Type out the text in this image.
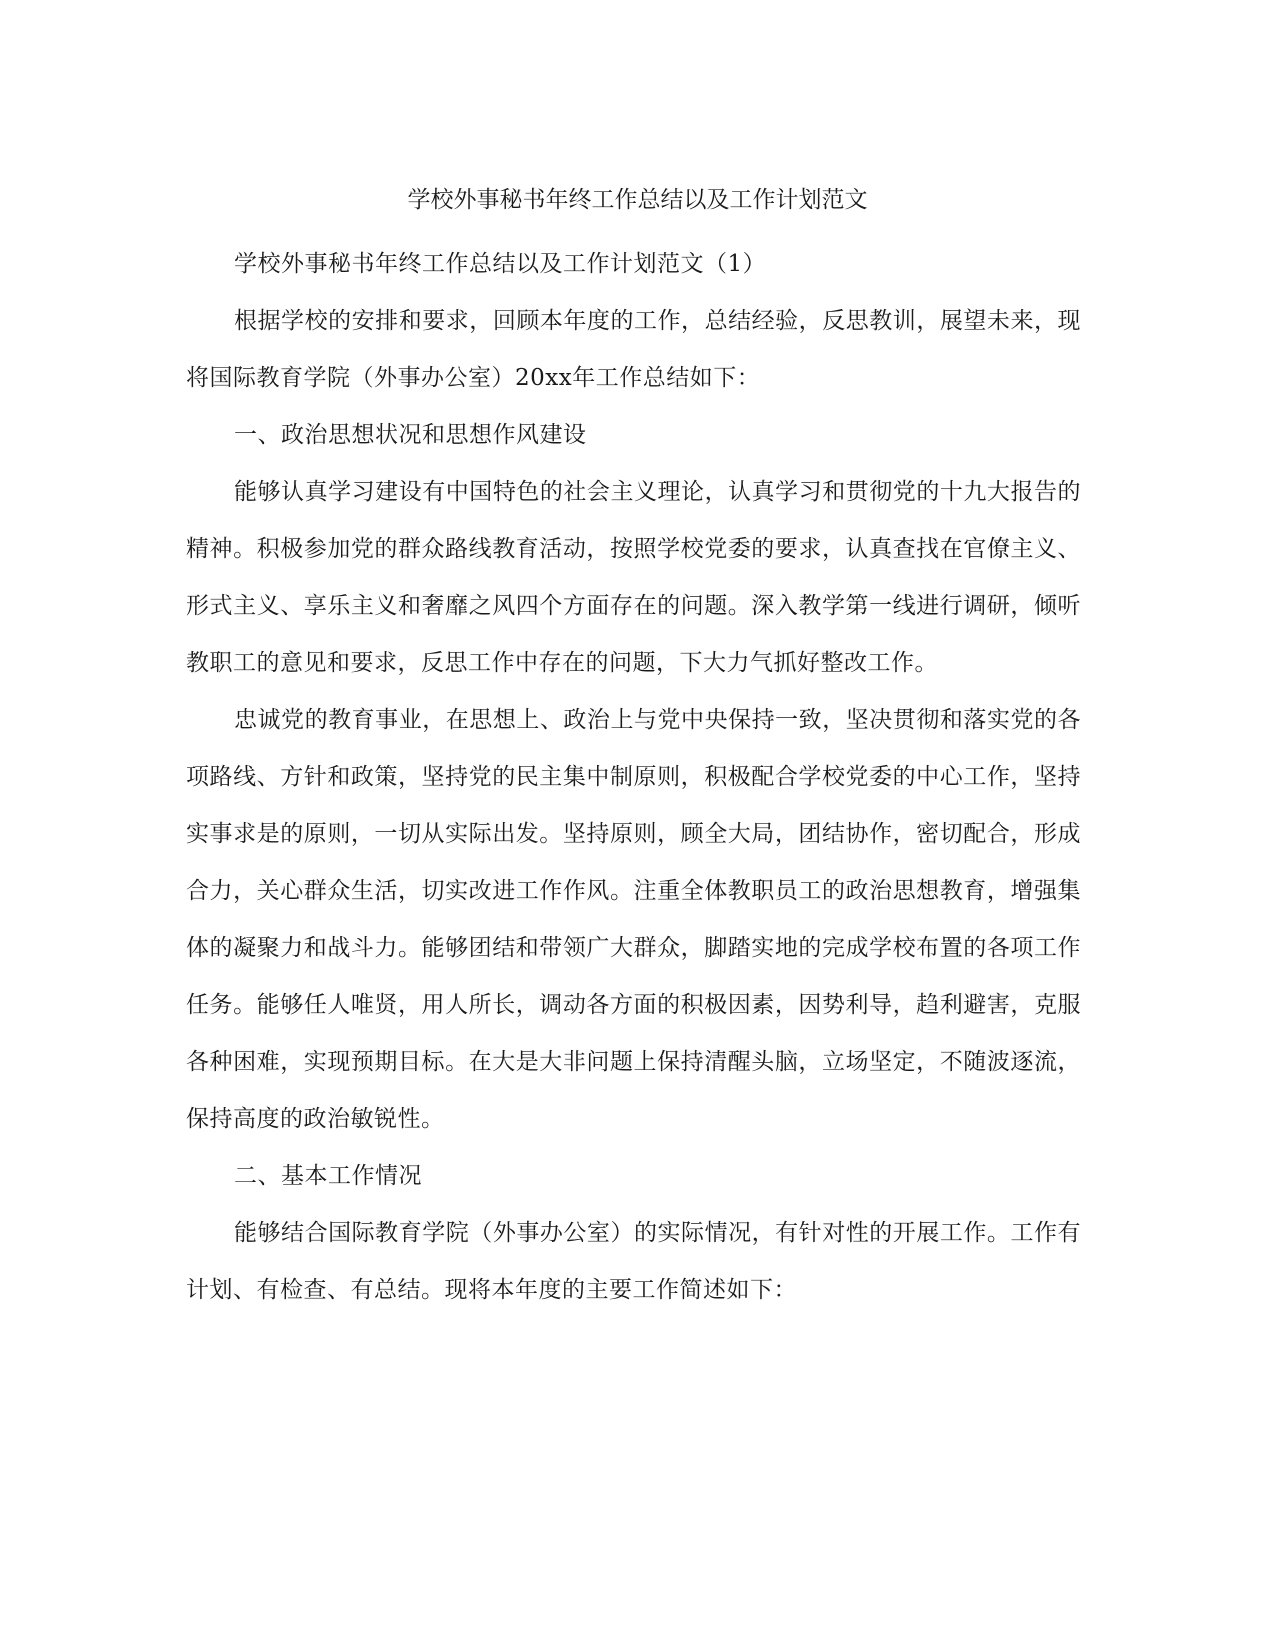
学校外事秘书年终工作总结以及工作计划范文

学校外事秘书年终工作总结以及工作计划范文（1）

根据学校的安排和要求，回顾本年度的工作，总结经验，反思教训，展望未来，现将国际教育学院（外事办公室）20xx年工作总结如下：

一、政治思想状况和思想作风建设

能够认真学习建设有中国特色的社会主义理论，认真学习和贯彻党的十九大报告的精神。积极参加党的群众路线教育活动，按照学校党委的要求，认真查找在官僚主义、形式主义、享乐主义和奢靡之风四个方面存在的问题。深入教学第一线进行调研，倾听教职工的意见和要求，反思工作中存在的问题，下大力气抓好整改工作。

忠诚党的教育事业，在思想上、政治上与党中央保持一致，坚决贯彻和落实党的各项路线、方针和政策，坚持党的民主集中制原则，积极配合学校党委的中心工作，坚持实事求是的原则，一切从实际出发。坚持原则，顾全大局，团结协作，密切配合，形成合力，关心群众生活，切实改进工作作风。注重全体教职员工的政治思想教育，增强集体的凝聚力和战斗力。能够团结和带领广大群众，脚踏实地的完成学校布置的各项工作任务。能够任人唯贤，用人所长，调动各方面的积极因素，因势利导，趋利避害，克服各种困难，实现预期目标。在大是大非问题上保持清醒头脑，立场坚定，不随波逐流，保持高度的政治敏锐性。

二、基本工作情况

能够结合国际教育学院（外事办公室）的实际情况，有针对性的开展工作。工作有计划、有检查、有总结。现将本年度的主要工作简述如下：
